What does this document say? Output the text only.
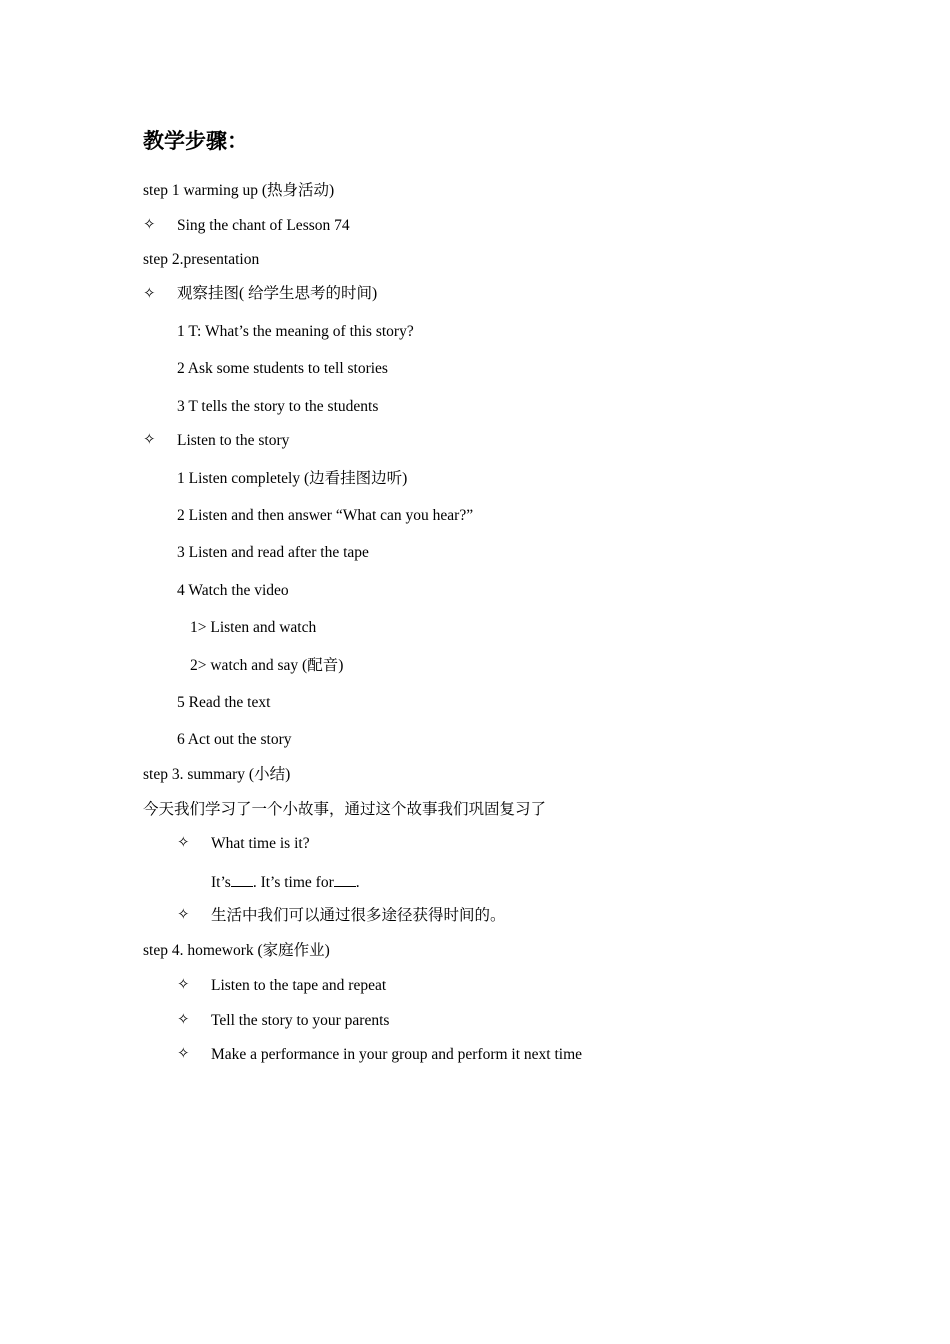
教学步骤：
step 1 warming up (热身活动)
✧ Sing the chant of Lesson 74
step 2.presentation
✧ 观察挂图( 给学生思考的时间)
1 T: What’s the meaning of this story?
2 Ask some students to tell stories
3 T tells the story to the students
✧ Listen to the story
1 Listen completely (边看挂图边听)
2 Listen and then answer “What can you hear?”
3 Listen and read after the tape
4 Watch the video
1> Listen and watch
2> watch and say (配音)
5 Read the text
6 Act out the story
step 3. summary (小结)
今天我们学习了一个小故事，通过这个故事我们巩固复习了
✧ What time is it?
It’s . It’s time for .
✧ 生活中我们可以通过很多途径获得时间的。
step 4. homework (家庭作业)
✧ Listen to the tape and repeat
✧ Tell the story to your parents
✧ Make a performance in your group and perform it next time
